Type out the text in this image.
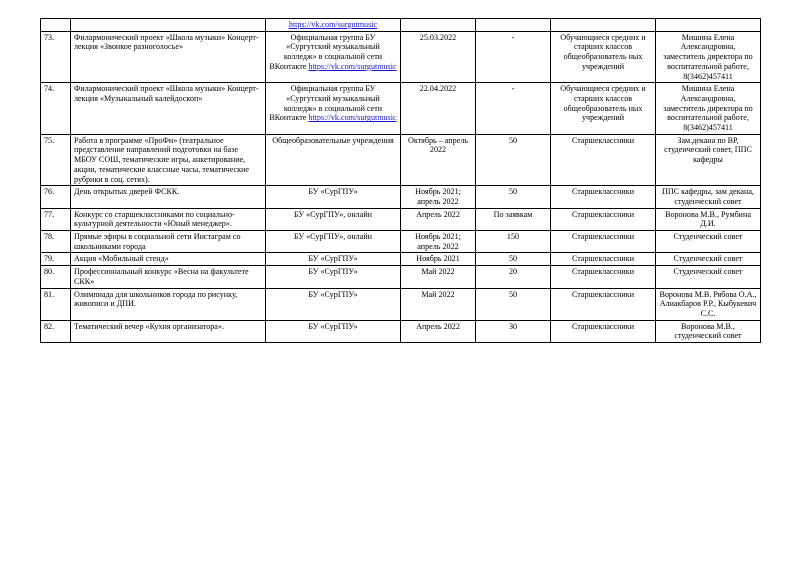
		https://vk.com/surgutmusic				
73.	Филармонический проект «Школа музыки» Концерт-лекция «Звонкое разноголосье»	Официальная группа БУ «Сургутский музыкальный колледж» в социальной сети ВКонтакте https://vk.com/surgutmusic	25.03.2022	-	Обучающиеся средних и старших классов общеобразователь ных учреждений	Мишина Елена Александровна, заместитель директора по воспитательной работе, 8(3462)457411
74.	Филармонический проект «Школа музыки» Концерт-лекция «Музыкальный калейдоскоп»	Официальная группа БУ «Сургутский музыкальный колледж» в социальной сети ВКонтакте https://vk.com/surgutmusic	22.04.2022	-	Обучающиеся средних и старших классов общеобразователь ных учреждений	Мишина Елена Александровна, заместитель директора по воспитательной работе, 8(3462)457411
75.	Работа в программе «ПроФи» (театральное представление направлений подготовки на базе МБОУ СОШ, тематические игры, анкетирование, акции, тематические классные часы, тематические рубрики в соц. сетях).	Общеобразовательные учреждения	Октябрь – апрель 2022	50	Старшеклассники	Зам.декана по ВР, студенческий совет, ППС кафедры
76.	День открытых дверей ФСКК.	БУ «СурГПУ»	Ноябрь 2021; апрель 2022	50	Старшеклассники	ППС кафедры, зам декана, студенческий совет
77.	Конкурс со старшеклассниками по социально-культурной деятельности «Юный менеджер».	БУ «СурГПУ», онлайн	Апрель 2022	По заявкам	Старшеклассники	Воронова М.В., Румбина Д.И.
78.	Прямые эфиры в социальной сети Инстаграм со школьниками города	БУ «СурГПУ», онлайн	Ноябрь 2021; апрель 2022	150	Старшеклассники	Студенческий совет
79.	Акция «Мобильный стенд»	БУ «СурГПУ»	Ноябрь 2021	50	Старшеклассники	Студенческий совет
80.	Профессиональный конкурс «Весна на факультете СКК»	БУ «СурГПУ»	Май 2022	20	Старшеклассники	Студенческий совет
81.	Олимпиада для школьников города по рисунку, живописи и ДПИ.	БУ «СурГПУ»	Май 2022	50	Старшеклассники	Воронова М.В. Рябова О.А., Алиакбаров Р.Р., Кыбукевич С.С.
82.	Тематический вечер «Кухня организатора».	БУ «СурГПУ»	Апрель 2022	30	Старшеклассники	Воронова М.В., студенческий совет
